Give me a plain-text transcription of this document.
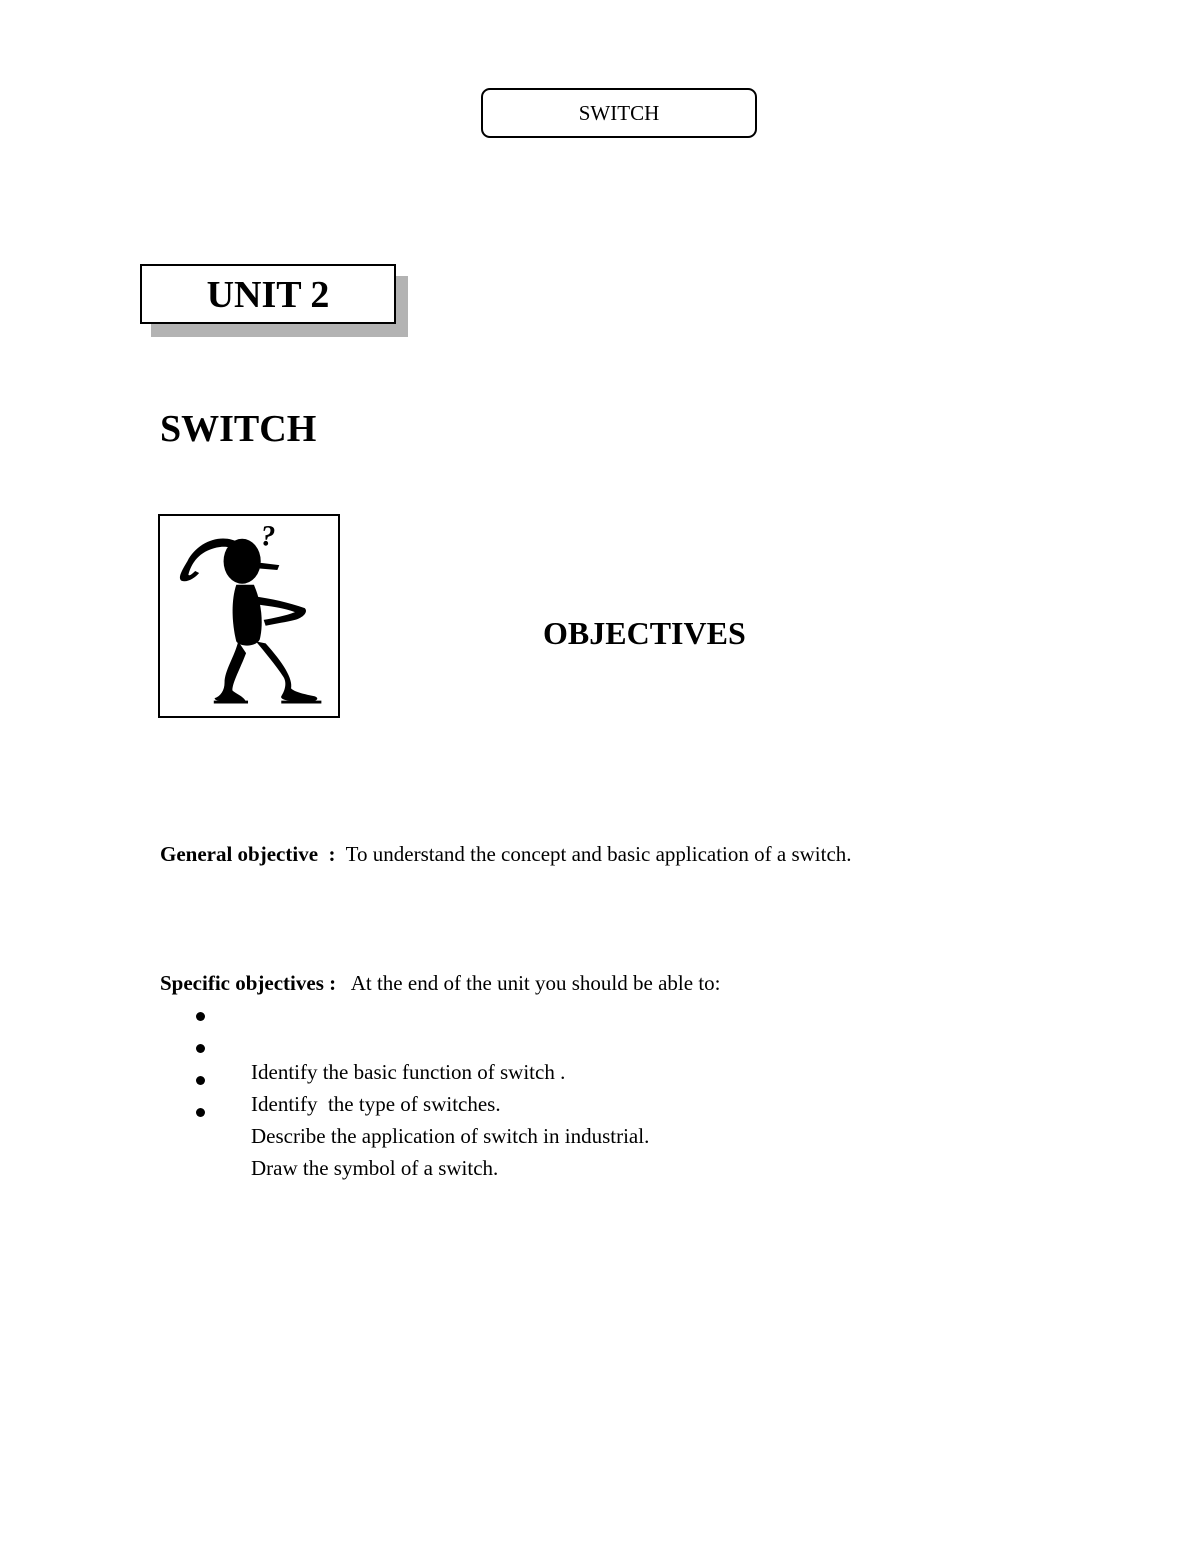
SWITCH
UNIT 2
SWITCH
?
OBJECTIVES
General objective  :  To understand the concept and basic application of a switch.
Specific objectives :   At the end of the unit you should be able to:

Identify the basic function of switch .

Identify  the type of switches.

Describe the application of switch in industrial.

Draw the symbol of a switch.
